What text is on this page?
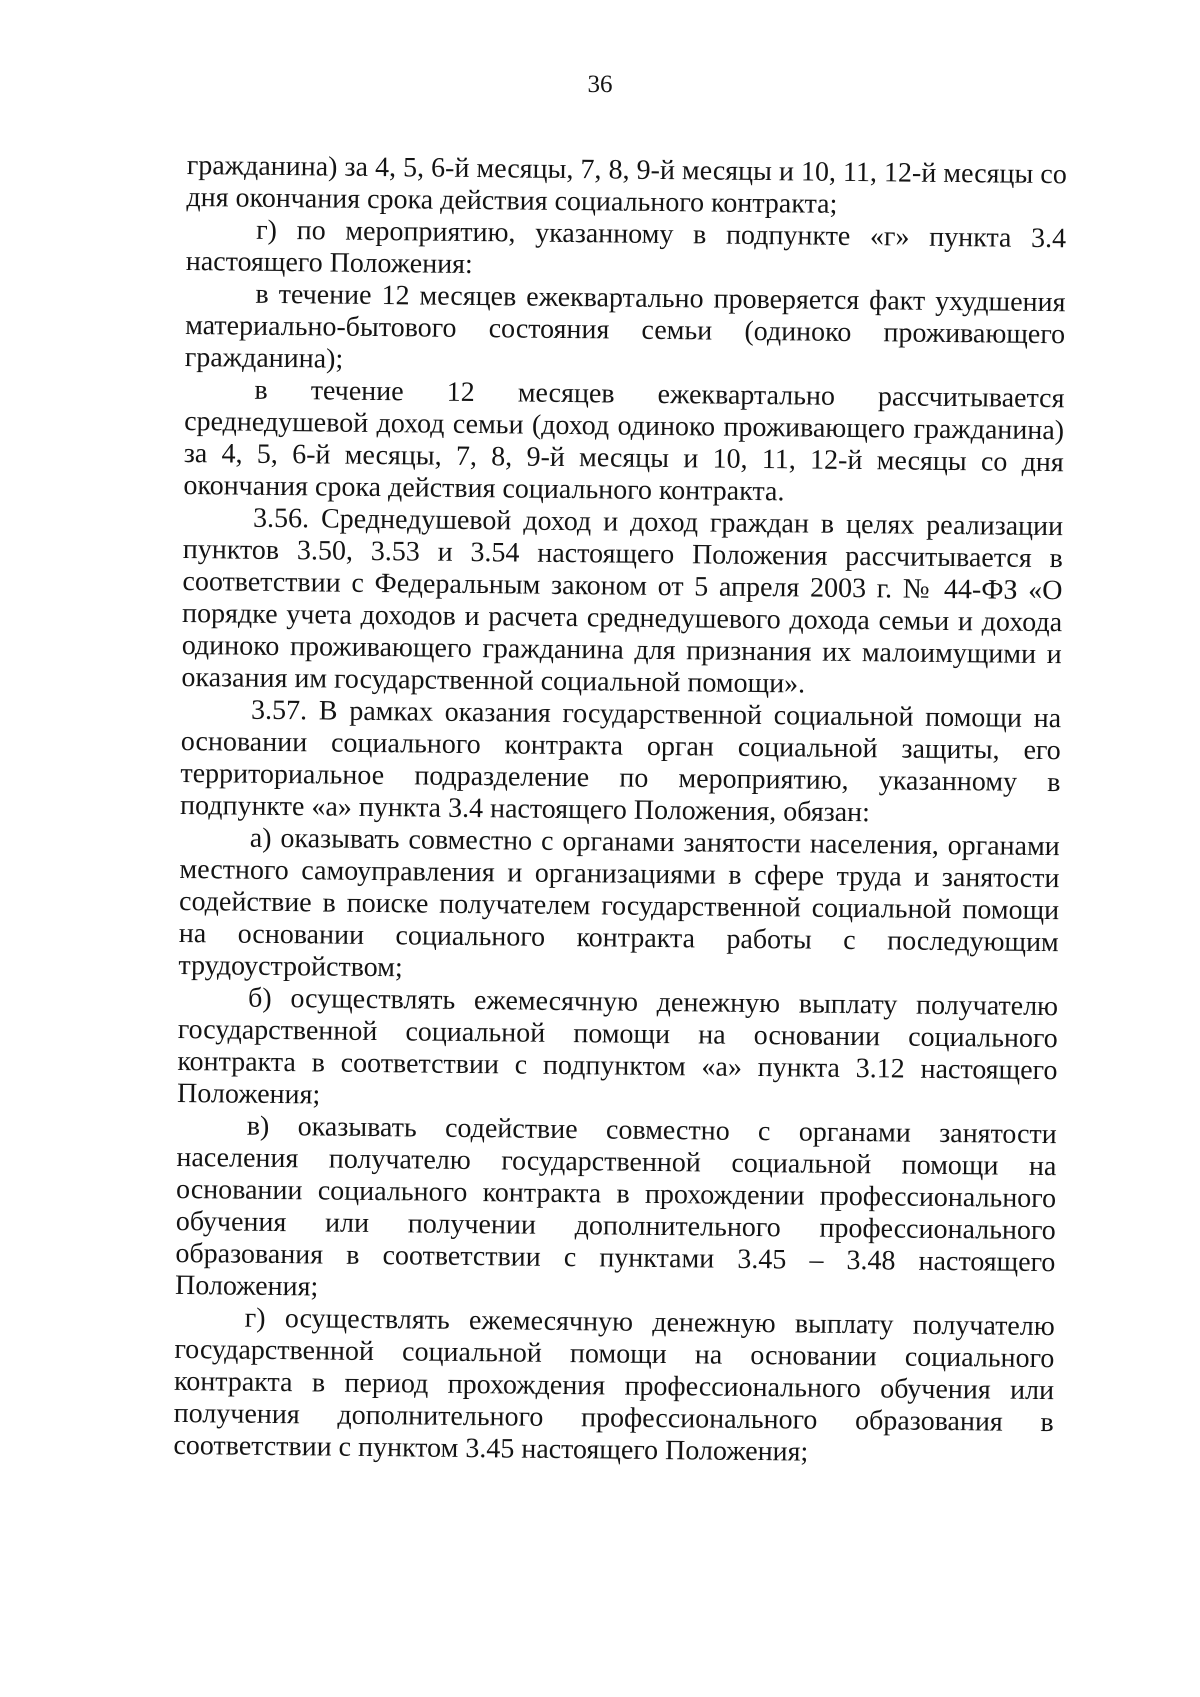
36

гражданина) за 4, 5, 6-й месяцы, 7, 8, 9-й месяцы и 10, 11, 12-й месяцы со дня окончания срока действия социального контракта;

г) по мероприятию, указанному в подпункте «г» пункта 3.4 настоящего Положения:

в течение 12 месяцев ежеквартально проверяется факт ухудшения материально-бытового состояния семьи (одиноко проживающего гражданина);

в течение 12 месяцев ежеквартально рассчитывается среднедушевой доход семьи (доход одиноко проживающего гражданина) за 4, 5, 6-й месяцы, 7, 8, 9-й месяцы и 10, 11, 12-й месяцы со дня окончания срока действия социального контракта.

3.56. Среднедушевой доход и доход граждан в целях реализации пунктов 3.50, 3.53 и 3.54 настоящего Положения рассчитывается в соответствии с Федеральным законом от 5 апреля 2003 г. № 44-ФЗ «О порядке учета доходов и расчета среднедушевого дохода семьи и дохода одиноко проживающего гражданина для признания их малоимущими и оказания им государственной социальной помощи».

3.57. В рамках оказания государственной социальной помощи на основании социального контракта орган социальной защиты, его территориальное подразделение по мероприятию, указанному в подпункте «а» пункта 3.4 настоящего Положения, обязан:

а) оказывать совместно с органами занятости населения, органами местного самоуправления и организациями в сфере труда и занятости содействие в поиске получателем государственной социальной помощи на основании социального контракта работы с последующим трудоустройством;

б) осуществлять ежемесячную денежную выплату получателю государственной социальной помощи на основании социального контракта в соответствии с подпунктом «а» пункта 3.12 настоящего Положения;

в) оказывать содействие совместно с органами занятости населения получателю государственной социальной помощи на основании социального контракта в прохождении профессионального обучения или получении дополнительного профессионального образования в соответствии с пунктами 3.45 – 3.48 настоящего Положения;

г) осуществлять ежемесячную денежную выплату получателю государственной социальной помощи на основании социального контракта в период прохождения профессионального обучения или получения дополнительного профессионального образования в соответствии с пунктом 3.45 настоящего Положения;
